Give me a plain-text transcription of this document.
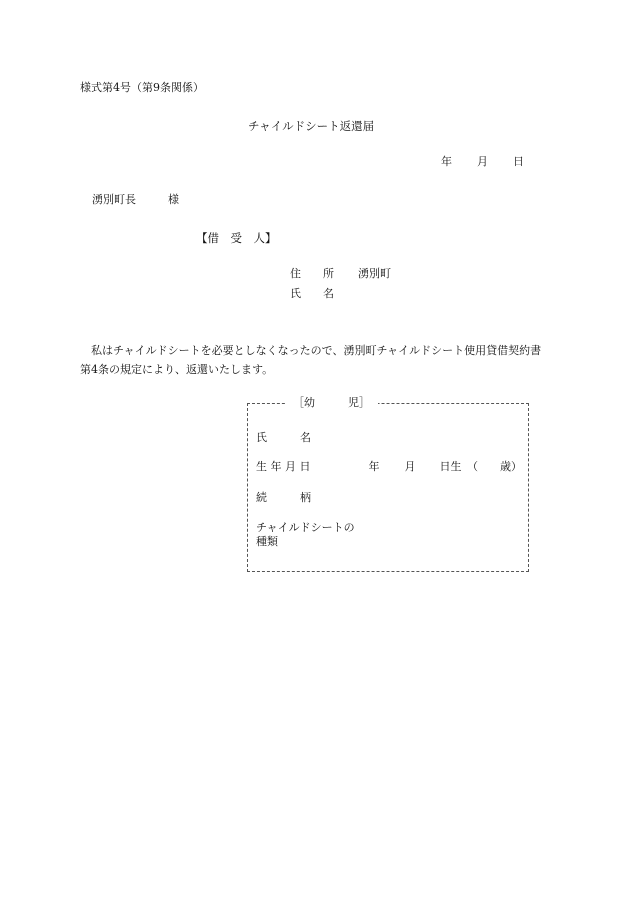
様式第4号（第9条関係）
チャイルドシート返還届
年 月 日
湧別町長	様
【借　受　人】
住　　所 湧別町
氏　　名
私はチャイルドシートを必要としなくなったので、湧別町チャイルドシート使用貸借契約書第4条の規定により、返還いたします。
［幼　　　児］
氏　　　名
生 年 月 日	年 月 日生　（　　歳）
続　　　柄
チャイルドシートの種類
